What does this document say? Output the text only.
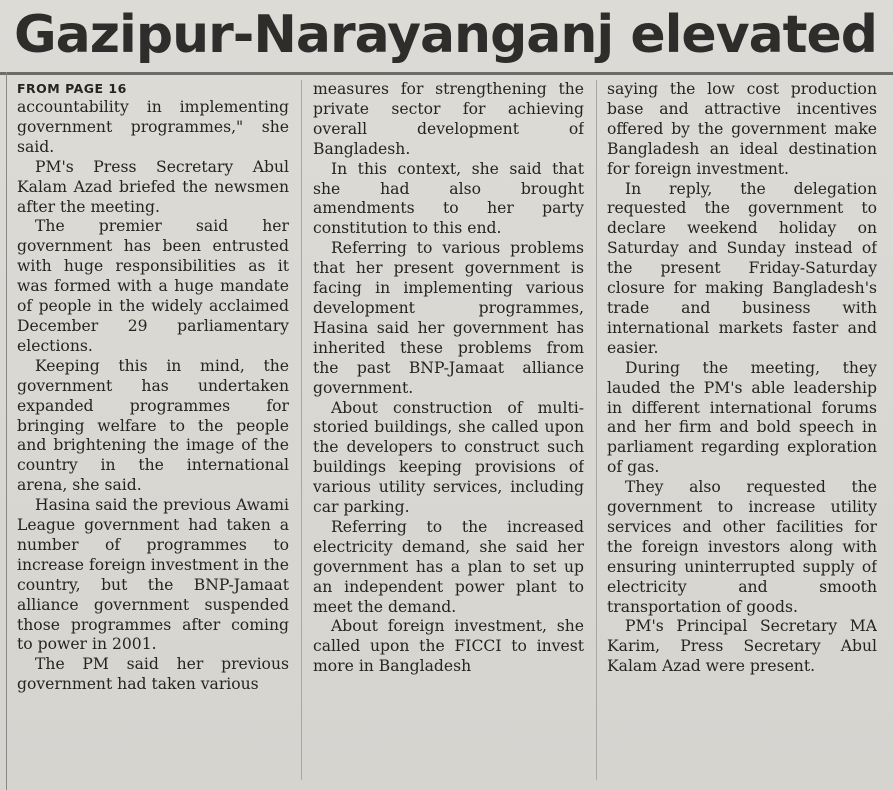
Gazipur-Narayanganj elevated
FROM PAGE 16

accountability in implementing government programmes," she said.

PM's Press Secretary Abul Kalam Azad briefed the newsmen after the meeting.

The premier said her government has been entrusted with huge responsibilities as it was formed with a huge mandate of people in the widely acclaimed December 29 parliamentary elections.

Keeping this in mind, the government has undertaken expanded programmes for bringing welfare to the people and brightening the image of the country in the international arena, she said.

Hasina said the previous Awami League government had taken a number of programmes to increase foreign investment in the country, but the BNP-Jamaat alliance government suspended those programmes after coming to power in 2001.

The PM said her previous government had taken various

measures for strengthening the private sector for achieving overall development of Bangladesh.

In this context, she said that she had also brought amendments to her party constitution to this end.

Referring to various problems that her present government is facing in implementing various development programmes, Hasina said her government has inherited these problems from the past BNP-Jamaat alliance government.

About construction of multi-storied buildings, she called upon the developers to construct such buildings keeping provisions of various utility services, including car parking.

Referring to the increased electricity demand, she said her government has a plan to set up an independent power plant to meet the demand.

About foreign investment, she called upon the FICCI to invest more in Bangladesh

saying the low cost production base and attractive incentives offered by the government make Bangladesh an ideal destination for foreign investment.

In reply, the delegation requested the government to declare weekend holiday on Saturday and Sunday instead of the present Friday-Saturday closure for making Bangladesh's trade and business with international markets faster and easier.

During the meeting, they lauded the PM's able leadership in different international forums and her firm and bold speech in parliament regarding exploration of gas.

They also requested the government to increase utility services and other facilities for the foreign investors along with ensuring uninterrupted supply of electricity and smooth transportation of goods.

PM's Principal Secretary MA Karim, Press Secretary Abul Kalam Azad were present.
